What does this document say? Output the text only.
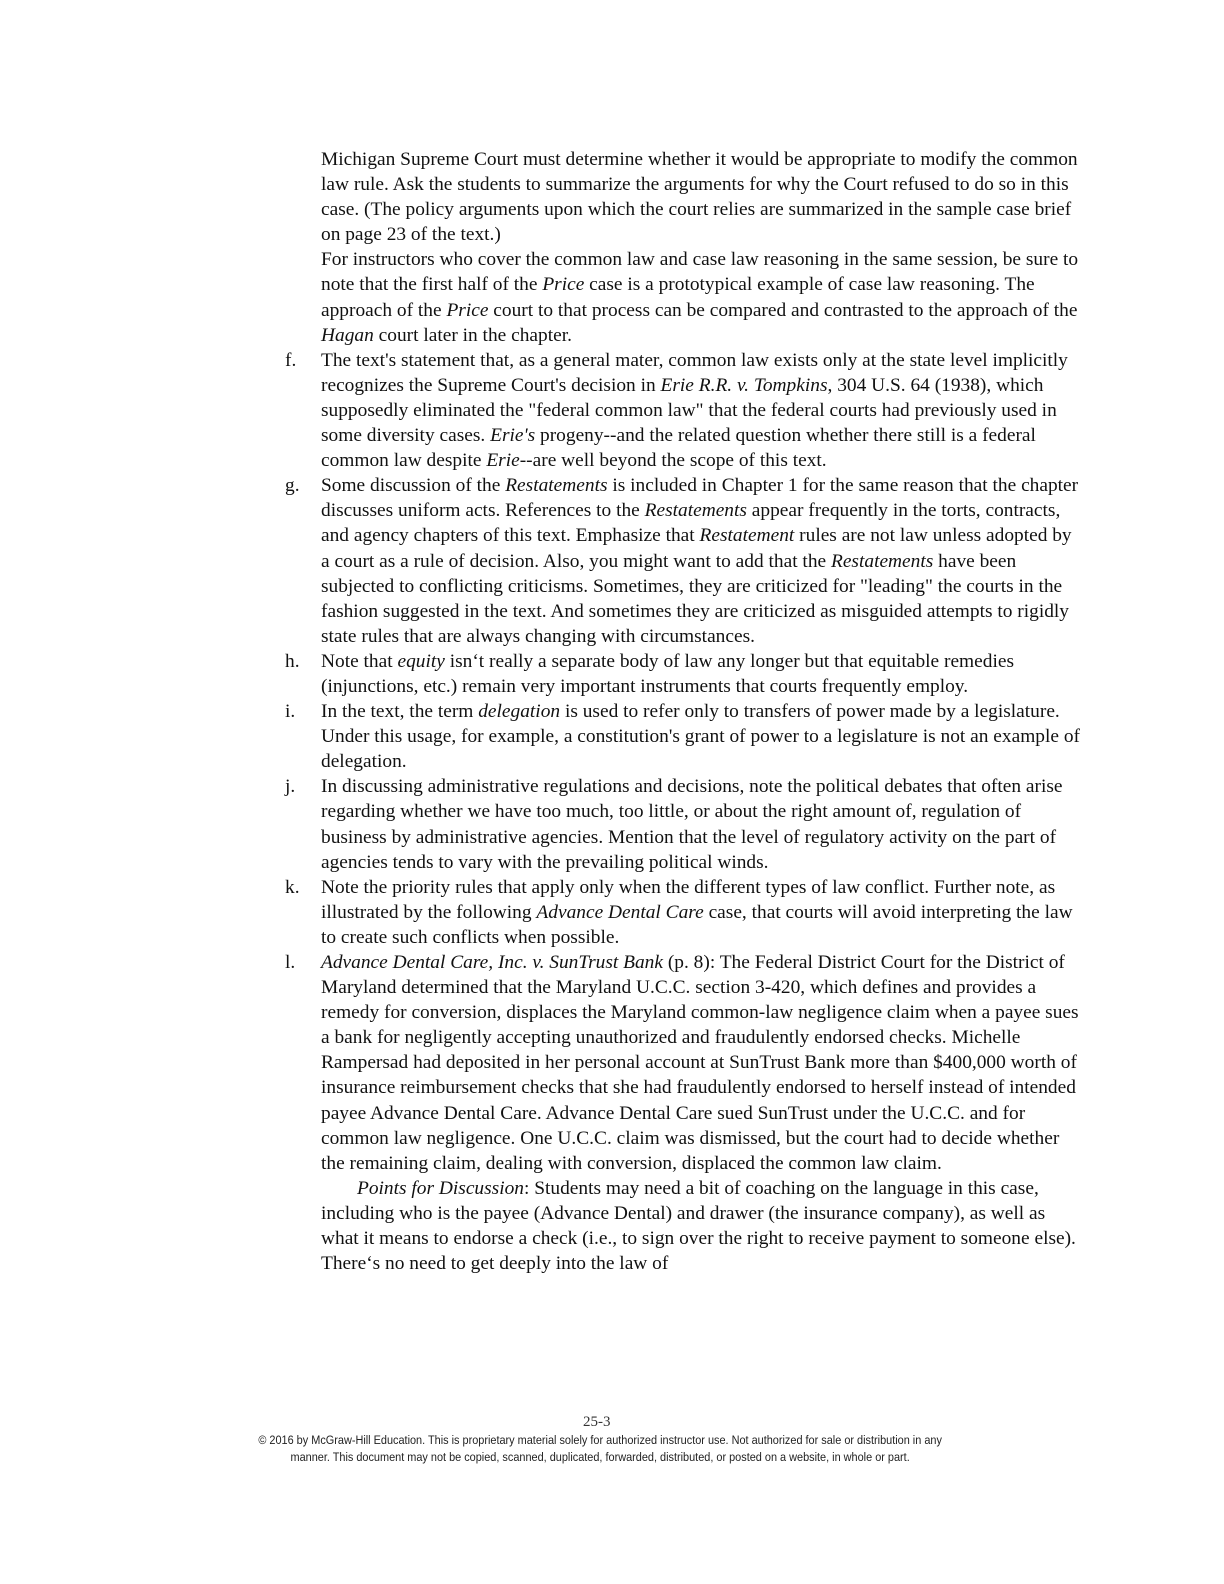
Michigan Supreme Court must determine whether it would be appropriate to modify the common law rule. Ask the students to summarize the arguments for why the Court refused to do so in this case. (The policy arguments upon which the court relies are summarized in the sample case brief on page 23 of the text.)

For instructors who cover the common law and case law reasoning in the same session, be sure to note that the first half of the Price case is a prototypical example of case law reasoning. The approach of the Price court to that process can be compared and contrasted to the approach of the Hagan court later in the chapter.

f. The text's statement that, as a general mater, common law exists only at the state level implicitly recognizes the Supreme Court's decision in Erie R.R. v. Tompkins, 304 U.S. 64 (1938), which supposedly eliminated the "federal common law" that the federal courts had previously used in some diversity cases. Erie's progeny--and the related question whether there still is a federal common law despite Erie--are well beyond the scope of this text.
g. Some discussion of the Restatements is included in Chapter 1 for the same reason that the chapter discusses uniform acts. References to the Restatements appear frequently in the torts, contracts, and agency chapters of this text. Emphasize that Restatement rules are not law unless adopted by a court as a rule of decision. Also, you might want to add that the Restatements have been subjected to conflicting criticisms. Sometimes, they are criticized for "leading" the courts in the fashion suggested in the text. And sometimes they are criticized as misguided attempts to rigidly state rules that are always changing with circumstances.
h. Note that equity isn‘t really a separate body of law any longer but that equitable remedies (injunctions, etc.) remain very important instruments that courts frequently employ.
i. In the text, the term delegation is used to refer only to transfers of power made by a legislature. Under this usage, for example, a constitution's grant of power to a legislature is not an example of delegation.
j. In discussing administrative regulations and decisions, note the political debates that often arise regarding whether we have too much, too little, or about the right amount of, regulation of business by administrative agencies. Mention that the level of regulatory activity on the part of agencies tends to vary with the prevailing political winds.
k. Note the priority rules that apply only when the different types of law conflict. Further note, as illustrated by the following Advance Dental Care case, that courts will avoid interpreting the law to create such conflicts when possible.
l. Advance Dental Care, Inc. v. SunTrust Bank (p. 8): The Federal District Court for the District of Maryland determined that the Maryland U.C.C. section 3-420, which defines and provides a remedy for conversion, displaces the Maryland common-law negligence claim when a payee sues a bank for negligently accepting unauthorized and fraudulently endorsed checks. Michelle Rampersad had deposited in her personal account at SunTrust Bank more than $400,000 worth of insurance reimbursement checks that she had fraudulently endorsed to herself instead of intended payee Advance Dental Care. Advance Dental Care sued SunTrust under the U.C.C. and for common law negligence. One U.C.C. claim was dismissed, but the court had to decide whether the remaining claim, dealing with conversion, displaced the common law claim.
Points for Discussion: Students may need a bit of coaching on the language in this case, including who is the payee (Advance Dental) and drawer (the insurance company), as well as what it means to endorse a check (i.e., to sign over the right to receive payment to someone else). There‘s no need to get deeply into the law of
25-3
© 2016 by McGraw-Hill Education. This is proprietary material solely for authorized instructor use. Not authorized for sale or distribution in any
manner. This document may not be copied, scanned, duplicated, forwarded, distributed, or posted on a website, in whole or part.
